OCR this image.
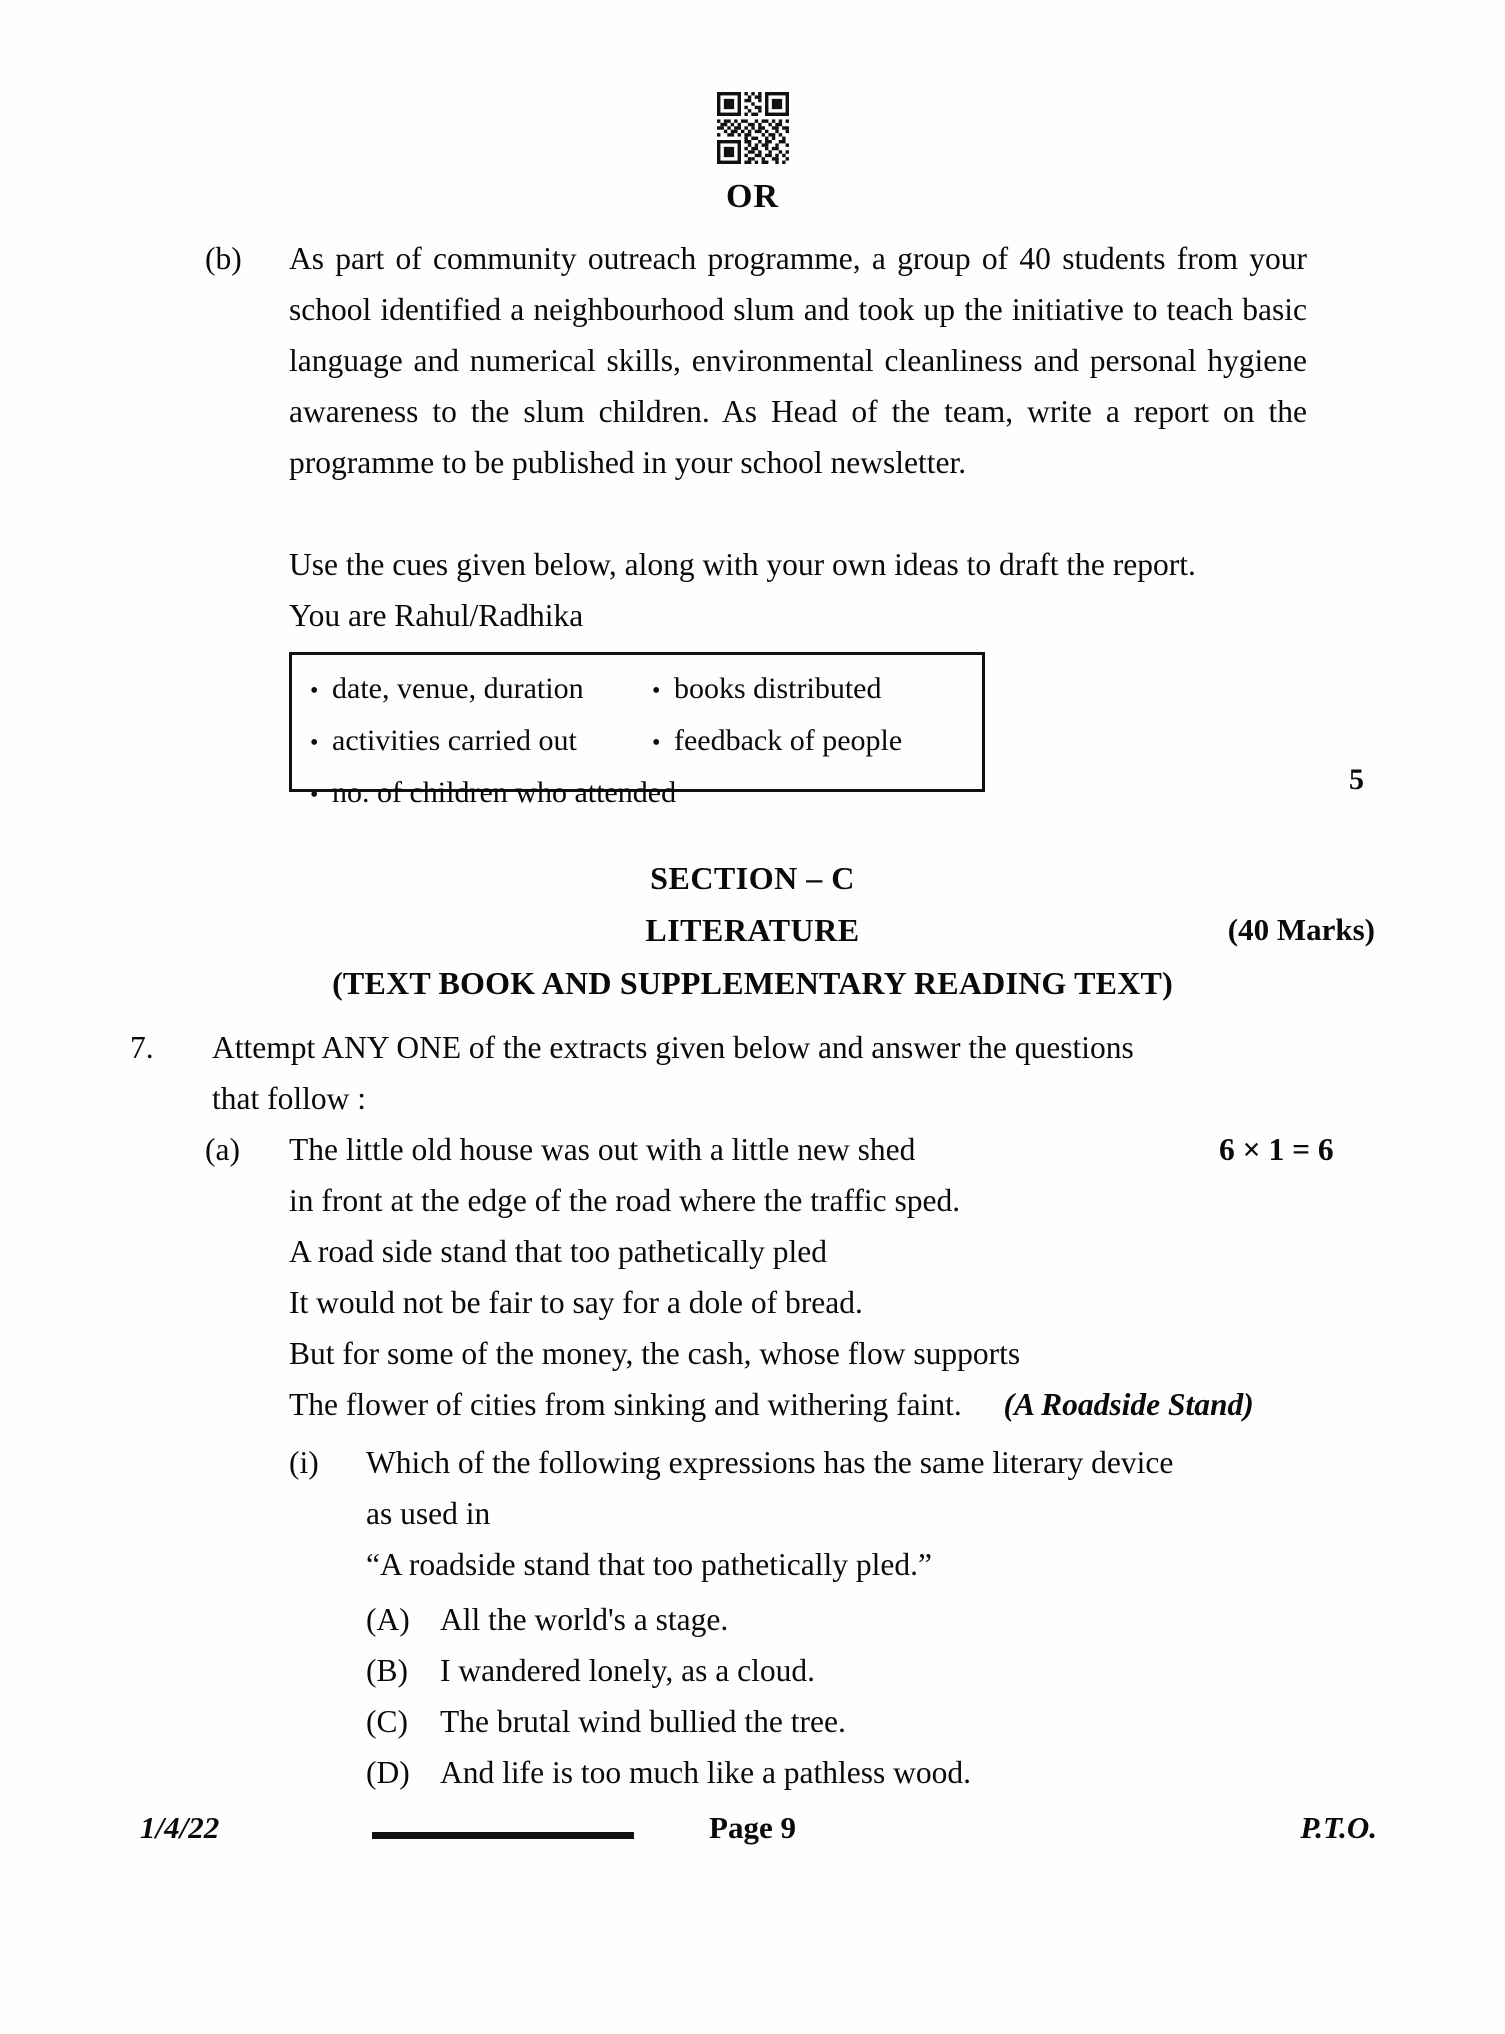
OR
(b) As part of community outreach programme, a group of 40 students from your school identified a neighbourhood slum and took up the initiative to teach basic language and numerical skills, environmental cleanliness and personal hygiene awareness to the slum children. As Head of the team, write a report on the programme to be published in your school newsletter.
Use the cues given below, along with your own ideas to draft the report.
You are Rahul/Radhika
• date, venue, duration
• activities carried out
• no. of children who attended
• books distributed
• feedback of people
5
SECTION – C
LITERATURE	(40 Marks)
(TEXT BOOK AND SUPPLEMENTARY READING TEXT)
7. Attempt ANY ONE of the extracts given below and answer the questions
that follow :
(a)	6 × 1 = 6
The little old house was out with a little new shed
in front at the edge of the road where the traffic sped.
A road side stand that too pathetically pled
It would not be fair to say for a dole of bread.
But for some of the money, the cash, whose flow supports
The flower of cities from sinking and withering faint. (A Roadside Stand)
(i) Which of the following expressions has the same literary device
as used in
“A roadside stand that too pathetically pled.”
(A) All the world's a stage.
(B) I wandered lonely, as a cloud.
(C) The brutal wind bullied the tree.
(D) And life is too much like a pathless wood.
1/4/22	Page 9	P.T.O.
